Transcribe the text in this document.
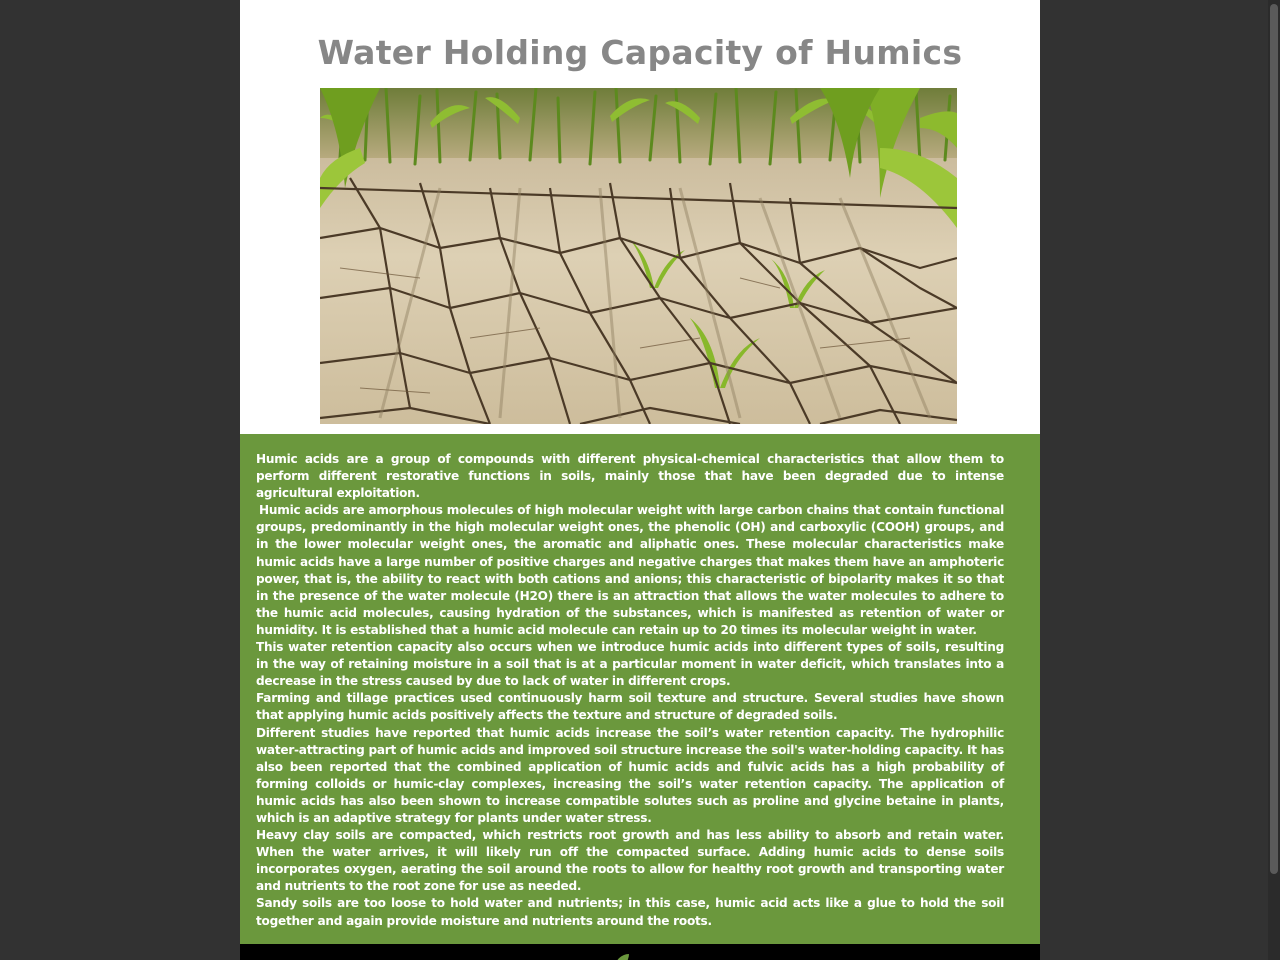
Water Holding Capacity of Humics

Humic acids are a group of compounds with different physical-chemical characteristics that allow them to perform different restorative functions in soils, mainly those that have been degraded due to intense agricultural exploitation.

Humic acids are amorphous molecules of high molecular weight with large carbon chains that contain functional groups, predominantly in the high molecular weight ones, the phenolic (OH) and carboxylic (COOH) groups, and in the lower molecular weight ones, the aromatic and aliphatic ones. These molecular characteristics make humic acids have a large number of positive charges and negative charges that makes them have an amphoteric power, that is, the ability to react with both cations and anions; this characteristic of bipolarity makes it so that in the presence of the water molecule (H2O) there is an attraction that allows the water molecules to adhere to the humic acid molecules, causing hydration of the substances, which is manifested as retention of water or humidity. It is established that a humic acid molecule can retain up to 20 times its molecular weight in water.

This water retention capacity also occurs when we introduce humic acids into different types of soils, resulting in the way of retaining moisture in a soil that is at a particular moment in water deficit, which translates into a decrease in the stress caused by due to lack of water in different crops.

Farming and tillage practices used continuously harm soil texture and structure. Several studies have shown that applying humic acids positively affects the texture and structure of degraded soils.

Different studies have reported that humic acids increase the soil’s water retention capacity. The hydrophilic water-attracting part of humic acids and improved soil structure increase the soil's water-holding capacity. It has also been reported that the combined application of humic acids and fulvic acids has a high probability of forming colloids or humic-clay complexes, increasing the soil’s water retention capacity. The application of humic acids has also been shown to increase compatible solutes such as proline and glycine betaine in plants, which is an adaptive strategy for plants under water stress.

Heavy clay soils are compacted, which restricts root growth and has less ability to absorb and retain water. When the water arrives, it will likely run off the compacted surface. Adding humic acids to dense soils incorporates oxygen, aerating the soil around the roots to allow for healthy root growth and transporting water and nutrients to the root zone for use as needed.

Sandy soils are too loose to hold water and nutrients; in this case, humic acid acts like a glue to hold the soil together and again provide moisture and nutrients around the roots.
